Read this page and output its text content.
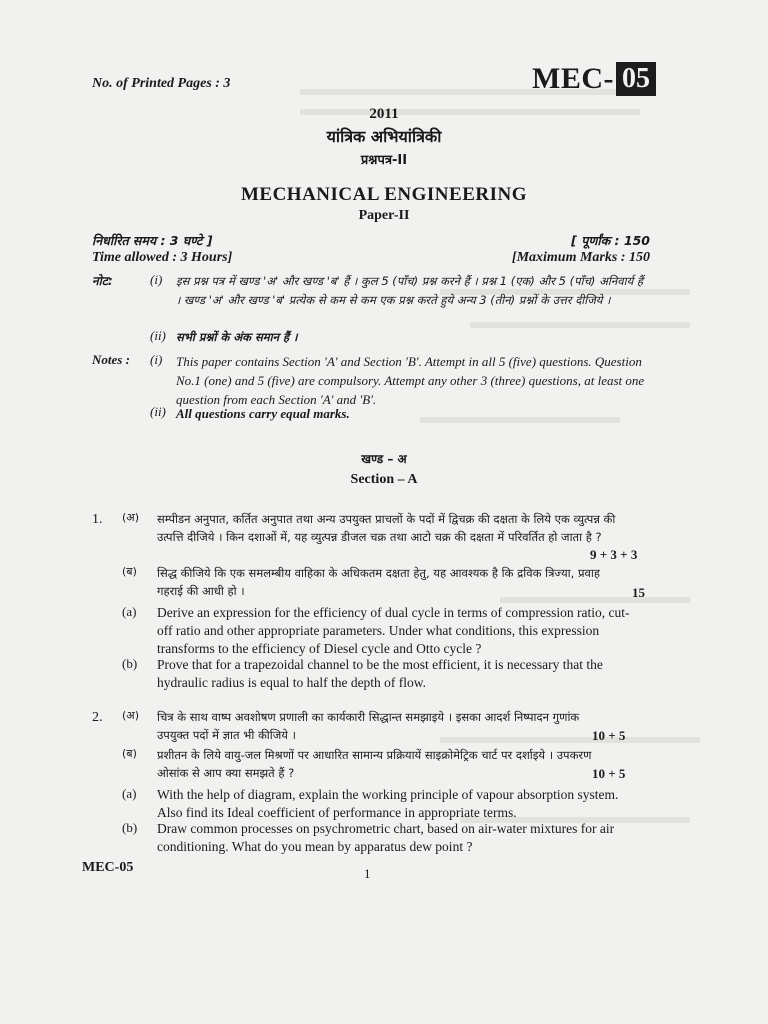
No. of Printed Pages : 3	MEC- 05
2011
यांत्रिक अभियांत्रिकी
प्रश्नपत्र-II
MECHANICAL ENGINEERING
Paper-II
निर्धारित समय : 3 घण्टे ]	[ पूर्णांक : 150
Time allowed : 3 Hours]	[Maximum Marks : 150
नोट:	(i)	इस प्रश्न पत्र में खण्ड 'अ' और खण्ड 'ब' हैं । कुल 5 (पाँच) प्रश्न करने हैं । प्रश्न 1 (एक) और 5 (पाँच) अनिवार्य हैं । खण्ड 'अ' और खण्ड 'ब' प्रत्येक से कम से कम एक प्रश्न करते हुये अन्य 3 (तीन) प्रश्नों के उत्तर दीजिये ।
(ii) सभी प्रश्नों के अंक समान हैं ।
Notes : (i)	This paper contains Section 'A' and Section 'B'. Attempt in all 5 (five) questions. Question No.1 (one) and 5 (five) are compulsory. Attempt any other 3 (three) questions, at least one question from each Section 'A' and 'B'.
(ii) All questions carry equal marks.
खण्ड – अ
Section – A
1. (अ)	सम्पीडन अनुपात, कर्तित अनुपात तथा अन्य उपयुक्त प्राचलों के पदों में द्विचक्र की दक्षता के लिये एक व्युत्पन्न की उत्पत्ति दीजिये । किन दशाओं में, यह व्युत्पन्न डीजल चक्र तथा आटो चक्र की दक्षता में परिवर्तित हो जाता है ?
9 + 3 + 3
(ब)	सिद्ध कीजिये कि एक समलम्बीय वाहिका के अधिकतम दक्षता हेतु, यह आवश्यक है कि द्रविक त्रिज्या, प्रवाह गहराई की आधी हो ।	15
(a)	Derive an expression for the efficiency of dual cycle in terms of compression ratio, cut-off ratio and other appropriate parameters. Under what conditions, this expression transforms to the efficiency of Diesel cycle and Otto cycle ?
(b)	Prove that for a trapezoidal channel to be the most efficient, it is necessary that the hydraulic radius is equal to half the depth of flow.
2. (अ)	चित्र के साथ वाष्प अवशोषण प्रणाली का कार्यकारी सिद्धान्त समझाइये । इसका आदर्श निष्पादन गुणांक उपयुक्त पदों में ज्ञात भी कीजिये ।	10 + 5
(ब)	प्रशीतन के लिये वायु-जल मिश्रणों पर आधारित सामान्य प्रक्रियायें साइक्रोमेट्रिक चार्ट पर दर्शाइये । उपकरण ओसांक से आप क्या समझते हैं ?	10 + 5
(a)	With the help of diagram, explain the working principle of vapour absorption system. Also find its Ideal coefficient of performance in appropriate terms.
(b)	Draw common processes on psychrometric chart, based on air-water mixtures for air conditioning. What do you mean by apparatus dew point ?
MEC-05	1
